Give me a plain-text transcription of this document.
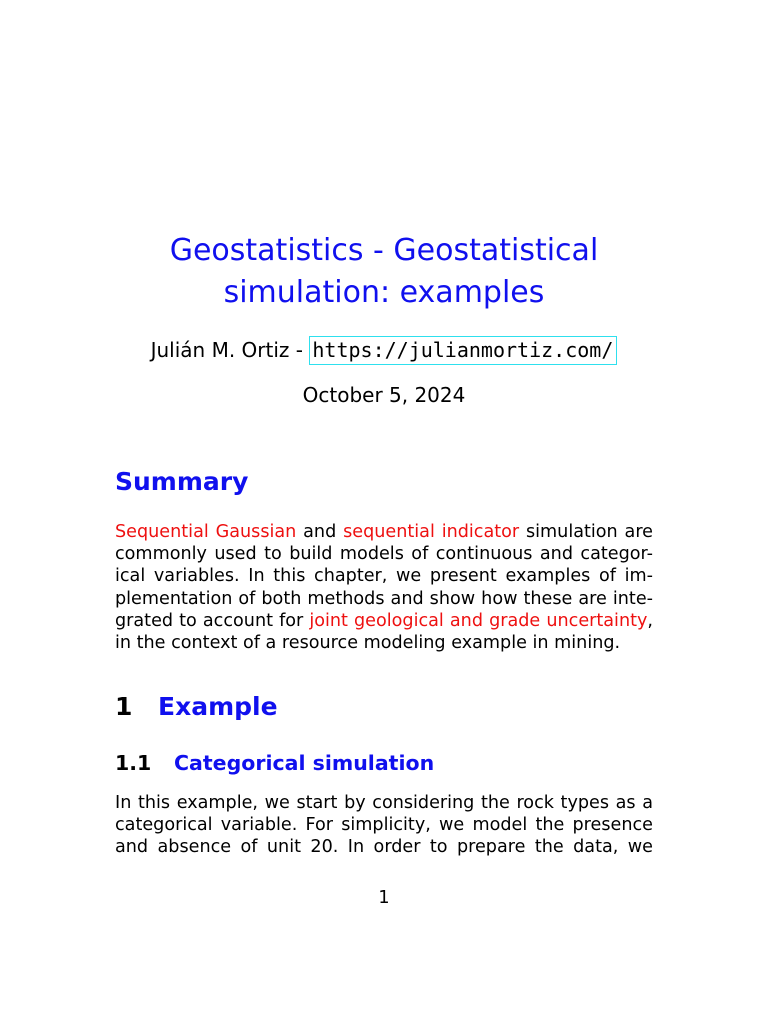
Geostatistics - Geostatistical
simulation: examples
Julián M. Ortiz - https://julianmortiz.com/
October 5, 2024
Summary
Sequential Gaussian and sequential indicator simulation are
commonly used to build models of continuous and categor-
ical variables. In this chapter, we present examples of im-
plementation of both methods and show how these are inte-
grated to account for joint geological and grade uncertainty,
in the context of a resource modeling example in mining.
1 Example
1.1 Categorical simulation
In this example, we start by considering the rock types as a
categorical variable. For simplicity, we model the presence
and absence of unit 20. In order to prepare the data, we
1
